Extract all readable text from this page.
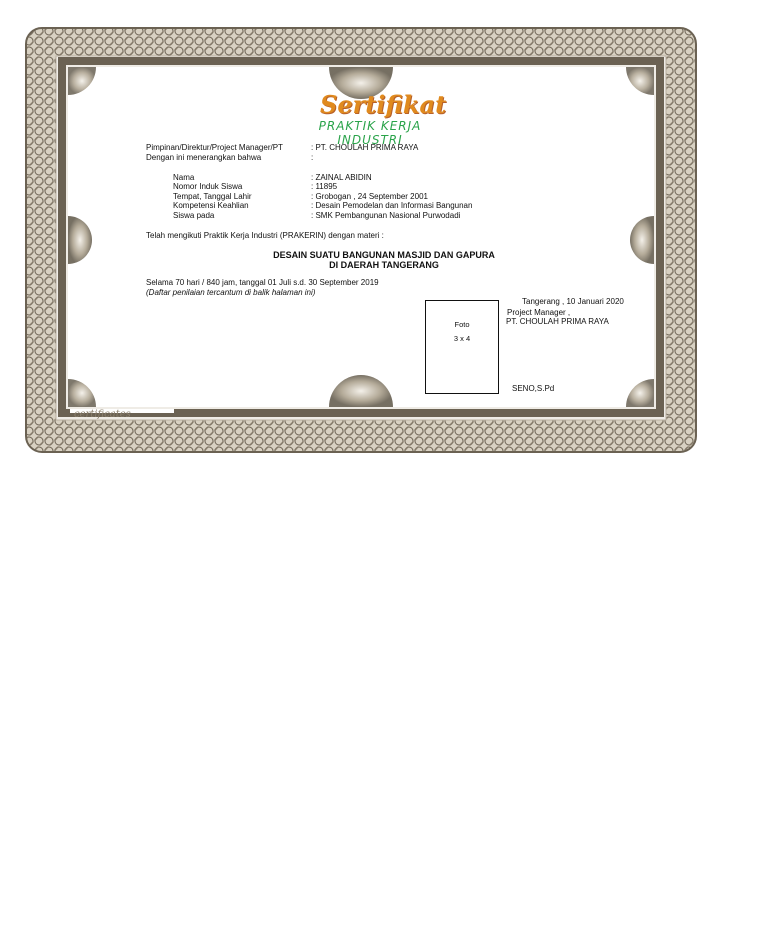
Sertifikat
PRAKTIK KERJA INDUSTRI
Pimpinan/Direktur/Project Manager/PT	: PT. CHOULAH PRIMA RAYA
Dengan ini menerangkan bahwa	:
Nama	: ZAINAL ABIDIN
Nomor Induk Siswa	: 11895
Tempat, Tanggal Lahir	: Grobogan , 24 September 2001
Kompetensi Keahlian	: Desain Pemodelan dan Informasi Bangunan
Siswa pada	: SMK Pembangunan Nasional Purwodadi
Telah mengikuti Praktik Kerja Industri (PRAKERIN) dengan materi :
DESAIN SUATU BANGUNAN MASJID DAN GAPURA
DI DAERAH TANGERANG
Selama 70 hari / 840 jam, tanggal 01 Juli s.d. 30 September 2019
(Daftar penilaian tercantum di balik halaman ini)
Foto
3 x 4
Tangerang , 10 Januari 2020
Project Manager ,
PT. CHOULAH PRIMA RAYA
SENO,S.Pd
certificates
